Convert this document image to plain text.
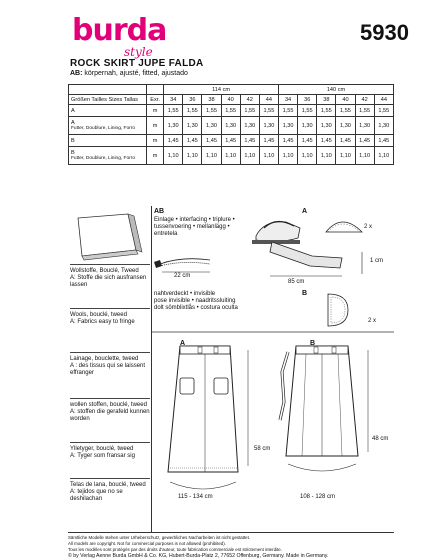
burda
style
5930
ROCK SKIRT JUPE FALDA
AB: körpernah, ajusté, fitted, ajustado
		114 cm						140 cm					
Größen Tailles Sizes Tallas	Exr.	34	36	38	40	42	44	34	36	38	40	42	44

A	m	1,55	1,55	1,55	1,55	1,55	1,55	1,55	1,55	1,55	1,55	1,55	1,55

A
Futter, Doublure, Lining, Forro	m	1,30	1,30	1,30	1,30	1,30	1,30	1,30	1,30	1,30	1,30	1,30	1,30

B	m	1,45	1,45	1,45	1,45	1,45	1,45	1,45	1,45	1,45	1,45	1,45	1,45

B
Futter, Doublure, Lining, Forro	m	1,10	1,10	1,10	1,10	1,10	1,10	1,10	1,10	1,10	1,10	1,10	1,10
Wollstoffe, Bouclé, Tweed
A: Stoffe die sich ausfransen lassen
Wools, bouclé, tweed
A: Fabrics easy to fringe
Lainage, bouclette, tweed
A : des tissus qui se laissent effranger
wollen stoffen, bouclé, tweed
A: stoffen die gerafeld kunnen worden
Ylletyger, bouclé, tweed
A: Tyger som fransar sig
Telas de lana, bouclé, tweed
A: tejidos que no se deshilachan
AB
Einlage • interfacing • triplure • tussenvoering • mellanlägg • entretela
A
2 x
B
2 x
1 cm
85 cm
22 cm
nahtverdeckt • invisible
pose invisible • naadritssluiting
dolt sömblixtlås • costura oculta
A	B
58 cm
115 - 134 cm
48 cm
108 - 128 cm
Sämtliche Modelle stehen unter Urheberschutz, gewerbliches Nacharbeiten ist nicht gestattet.
All models are copyright. Not for commercial purposes is not allowed (prohibited).
Tous les modèles sont protégés par des droits d'auteur, toute fabrication commerciale est strictement interdite.
© by Verlag Aenne Burda GmbH & Co. KG, Hubert-Burda-Platz 2, 77652 Offenburg, Germany. Made in Germany.
